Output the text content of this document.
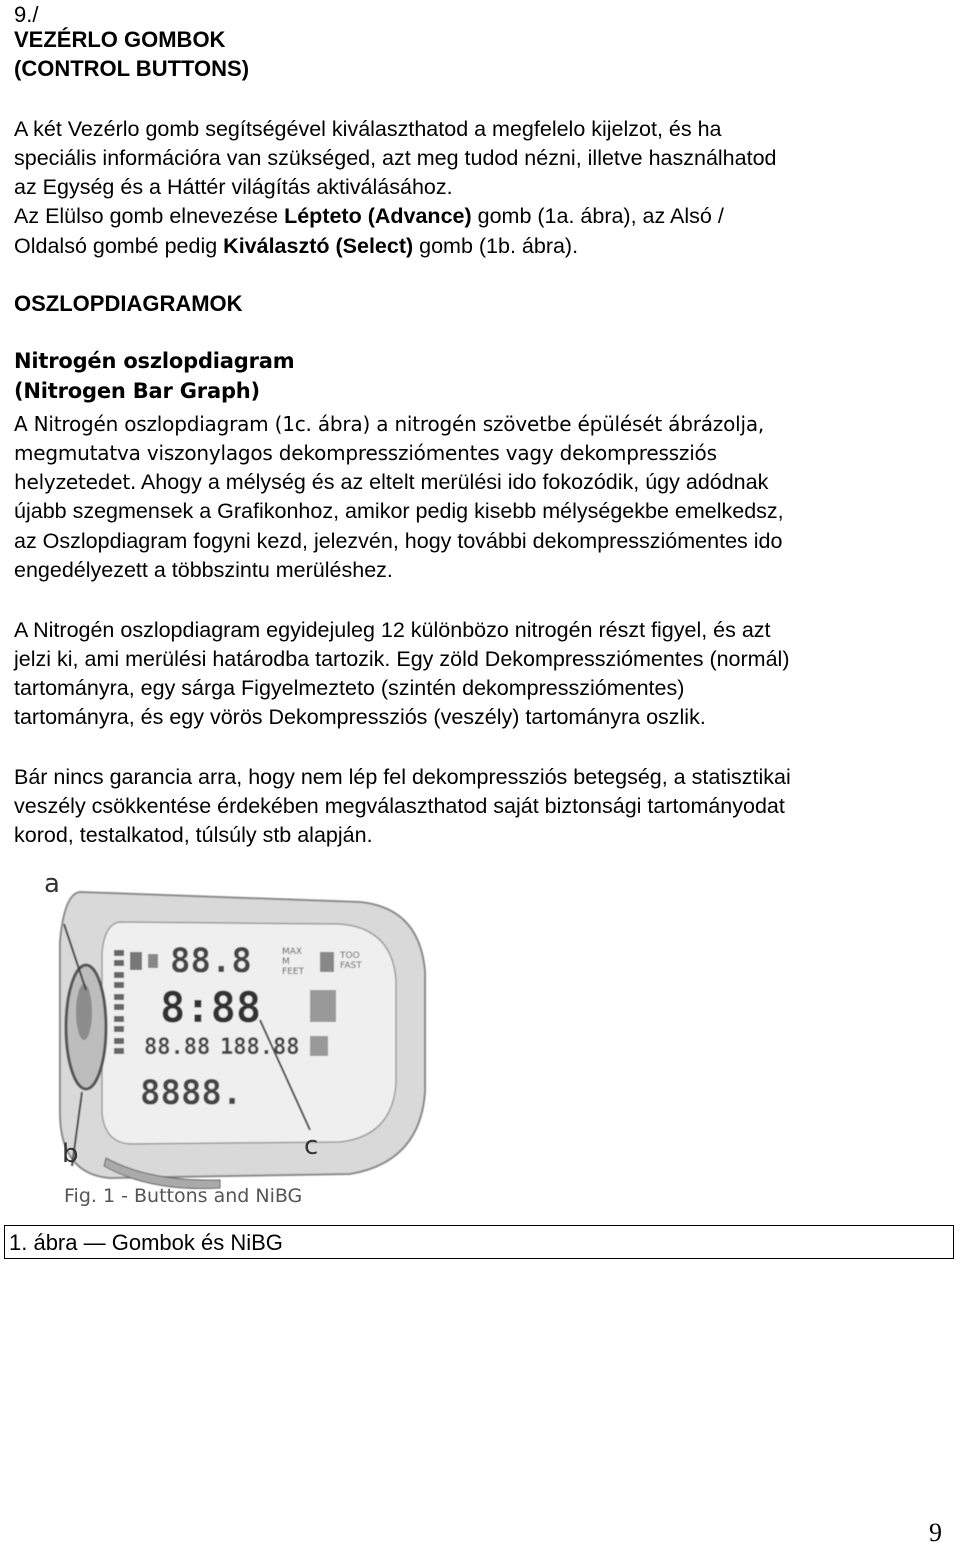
9./
VEZÉRLO GOMBOK
(CONTROL BUTTONS)
A két Vezérlo gomb segítségével kiválaszthatod a megfelelo kijelzot, és ha
speciális információra van szükséged, azt meg tudod nézni, illetve használhatod
az Egység és a Háttér világítás aktiválásához.
Az Elülso gomb elnevezése Lépteto (Advance) gomb (1a. ábra), az Alsó /
Oldalsó gombé pedig Kiválasztó (Select) gomb (1b. ábra).
OSZLOPDIAGRAMOK
Nitrogén oszlopdiagram
(Nitrogen Bar Graph)
A Nitrogén oszlopdiagram (1c. ábra) a nitrogén szövetbe épülését ábrázolja,
megmutatva viszonylagos dekompressziómentes vagy dekompressziós
helyzetedet. Ahogy a mélység és az eltelt merülési ido fokozódik, úgy adódnak
újabb szegmensek a Grafikonhoz, amikor pedig kisebb mélységekbe emelkedsz,
az Oszlopdiagram fogyni kezd, jelezvén, hogy további dekompressziómentes ido
engedélyezett a többszintu merüléshez.
A Nitrogén oszlopdiagram egyidejuleg 12 különbözo nitrogén részt figyel, és azt
jelzi ki, ami merülési határodba tartozik. Egy zöld Dekompressziómentes (normál)
tartományra, egy sárga Figyelmezteto (szintén dekompressziómentes)
tartományra, és egy vörös Dekompressziós (veszély) tartományra oszlik.
Bár nincs garancia arra, hogy nem lép fel dekompressziós betegség, a statisztikai
veszély csökkentése érdekében megválaszthatod saját biztonsági tartományodat
korod, testalkatod, túlsúly stb alapján.
88.8	MAX
M
FEET
TOO
FAST
8:88
88.88 188.88
8888.
a
b	c
Fig. 1 - Buttons and NiBG
1. ábra — Gombok és NiBG
9
